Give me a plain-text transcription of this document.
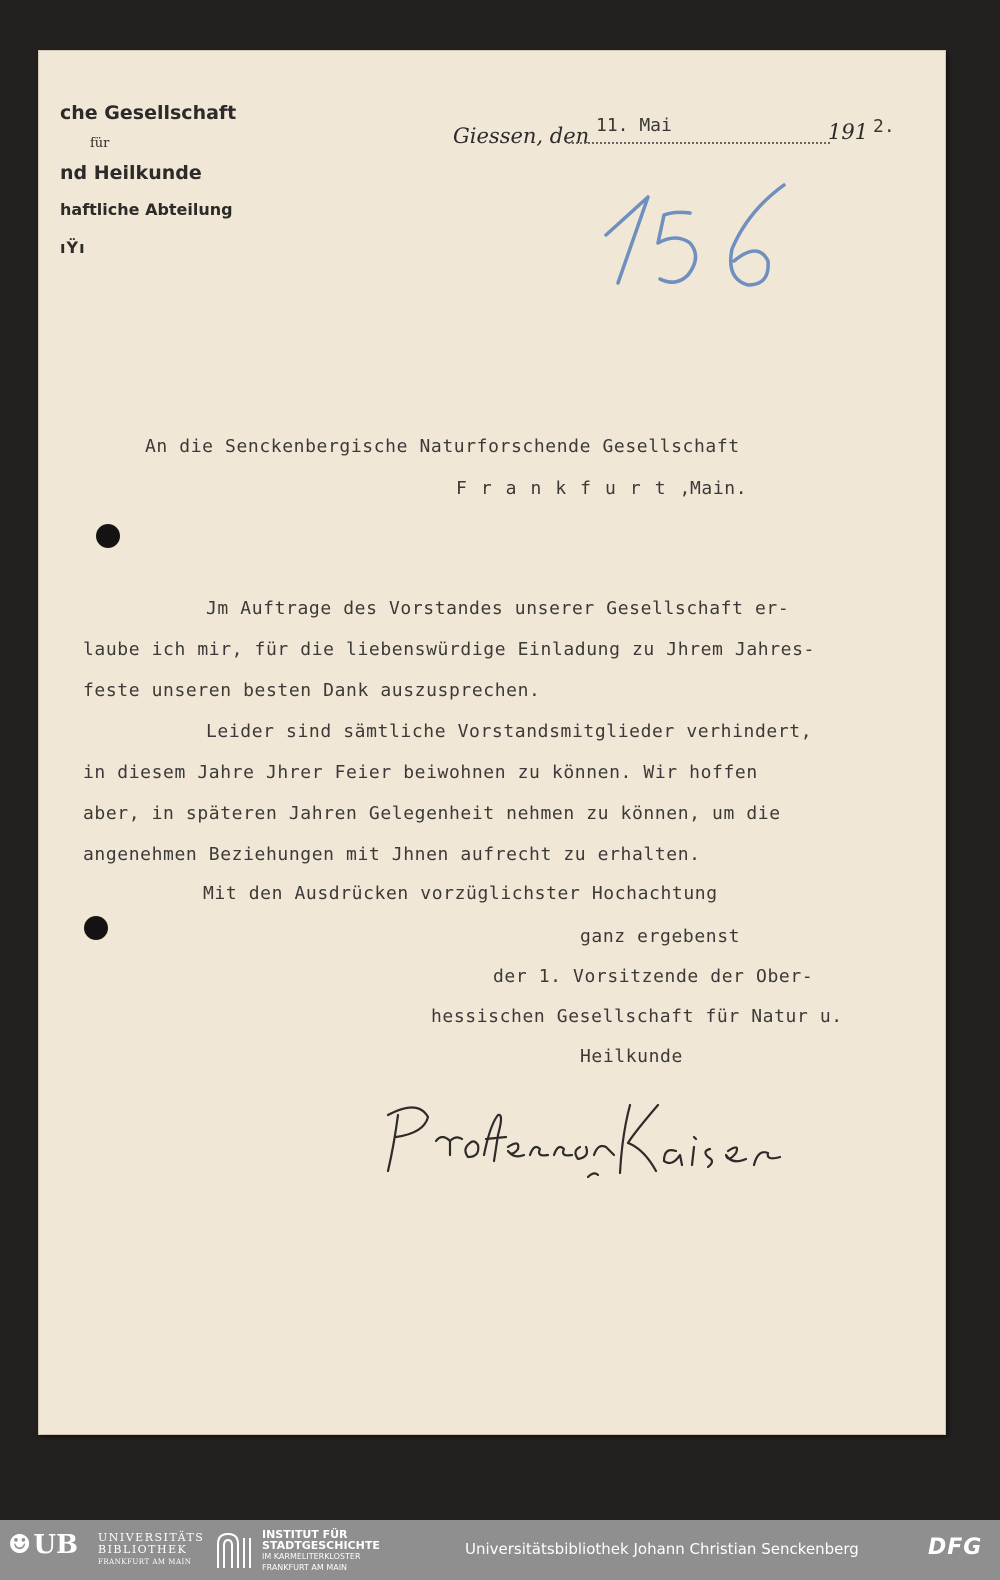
che Gesellschaft
für
nd Heilkunde
haftliche Abteilung
ıŸı
Giessen, den 11. Mai	191 2.
An die Senckenbergische Naturforschende Gesellschaft
Frankfurt,
Main.
Jm Auftrage des Vorstandes unserer Gesellschaft er-
laube ich mir, für die liebenswürdige Einladung zu Jhrem Jahres-
feste unseren besten Dank auszusprechen.
Leider sind sämtliche Vorstandsmitglieder verhindert,
in diesem Jahre Jhrer Feier beiwohnen zu können. Wir hoffen
aber, in späteren Jahren Gelegenheit nehmen zu können, um die
angenehmen Beziehungen mit Jhnen aufrecht zu erhalten.
Mit den Ausdrücken vorzüglichster Hochachtung
ganz ergebenst
der 1. Vorsitzende der Ober-
hessischen Gesellschaft für Natur u.
Heilkunde
☻UB UNIVERSITÄTS
BIBLIOTHEK
FRANKFURT AM MAIN
INSTITUT FÜR
STADTGESCHICHTE
IM KARMELITERKLOSTER
FRANKFURT AM MAIN
Universitätsbibliothek Johann Christian Senckenberg	DFG
